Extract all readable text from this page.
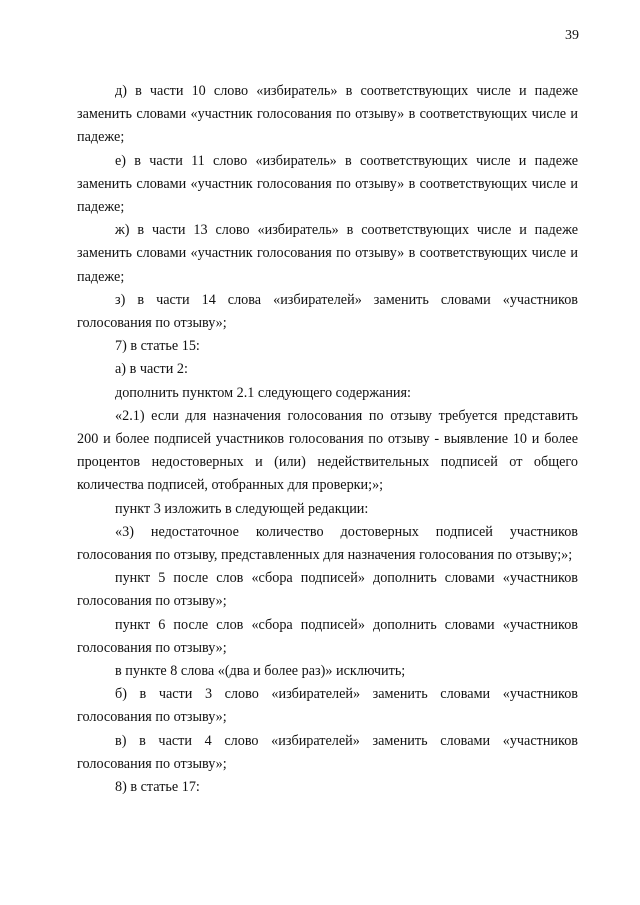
39

д) в части 10 слово «избиратель» в соответствующих числе и падеже заменить словами «участник голосования по отзыву» в соответствующих числе и падеже;

е) в части 11 слово «избиратель» в соответствующих числе и падеже заменить словами «участник голосования по отзыву» в соответствующих числе и падеже;

ж) в части 13 слово «избиратель» в соответствующих числе и падеже заменить словами «участник голосования по отзыву» в соответствующих числе и падеже;

з) в части 14 слова «избирателей» заменить словами «участников голосования по отзыву»;

7) в статье 15:

а) в части 2:

дополнить пунктом 2.1 следующего содержания:

«2.1) если для назначения голосования по отзыву требуется представить 200 и более подписей участников голосования по отзыву - выявление 10 и более процентов недостоверных и (или) недействительных подписей от общего количества подписей, отобранных для проверки;»;

пункт 3 изложить в следующей редакции:

«3) недостаточное количество достоверных подписей участников голосования по отзыву, представленных для назначения голосования по отзыву;»;

пункт 5 после слов «сбора подписей» дополнить словами «участников голосования по отзыву»;

пункт 6 после слов «сбора подписей» дополнить словами «участников голосования по отзыву»;

в пункте 8 слова «(два и более раз)» исключить;

б) в части 3 слово «избирателей» заменить словами «участников голосования по отзыву»;

в) в части 4 слово «избирателей» заменить словами «участников голосования по отзыву»;

8) в статье 17:
